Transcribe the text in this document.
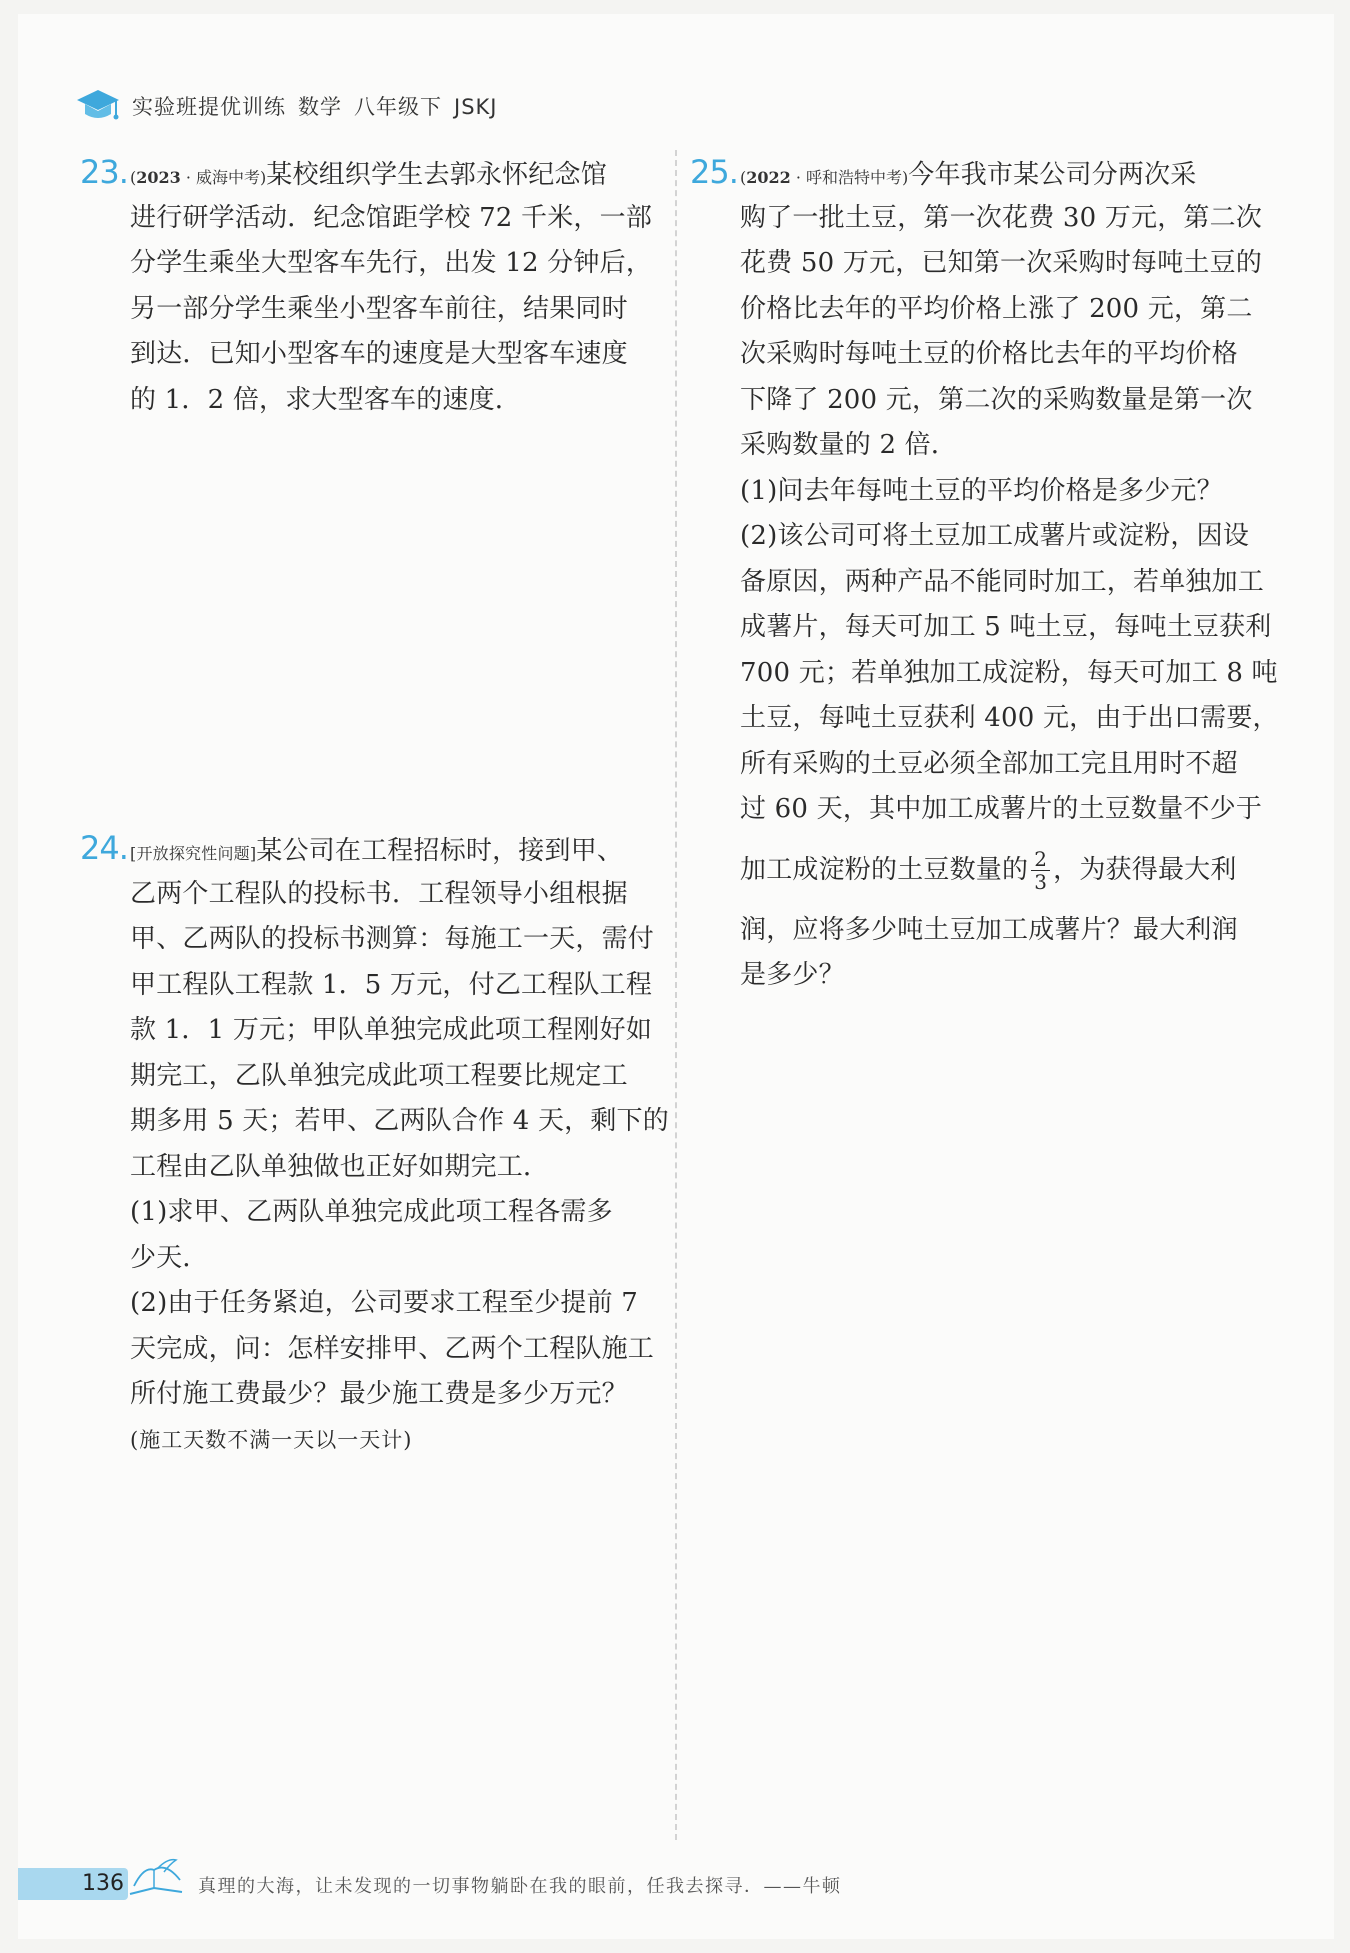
实验班提优训练 数学 八年级下 JSKJ
23. (2023 · 威海中考)某校组织学生去郭永怀纪念馆
进行研学活动．纪念馆距学校 72 千米，一部
分学生乘坐大型客车先行，出发 12 分钟后，
另一部分学生乘坐小型客车前往，结果同时
到达．已知小型客车的速度是大型客车速度
的 1．2 倍，求大型客车的速度．
24. [开放探究性问题]某公司在工程招标时，接到甲、
乙两个工程队的投标书．工程领导小组根据
甲、乙两队的投标书测算：每施工一天，需付
甲工程队工程款 1．5 万元，付乙工程队工程
款 1．1 万元；甲队单独完成此项工程刚好如
期完工，乙队单独完成此项工程要比规定工
期多用 5 天；若甲、乙两队合作 4 天，剩下的
工程由乙队单独做也正好如期完工．
(1)求甲、乙两队单独完成此项工程各需多
少天．
(2)由于任务紧迫，公司要求工程至少提前 7
天完成，问：怎样安排甲、乙两个工程队施工
所付施工费最少？最少施工费是多少万元？
(施工天数不满一天以一天计)
25. (2022 · 呼和浩特中考)今年我市某公司分两次采
购了一批土豆，第一次花费 30 万元，第二次
花费 50 万元，已知第一次采购时每吨土豆的
价格比去年的平均价格上涨了 200 元，第二
次采购时每吨土豆的价格比去年的平均价格
下降了 200 元，第二次的采购数量是第一次
采购数量的 2 倍．
(1)问去年每吨土豆的平均价格是多少元？
(2)该公司可将土豆加工成薯片或淀粉，因设
备原因，两种产品不能同时加工，若单独加工
成薯片，每天可加工 5 吨土豆，每吨土豆获利
700 元；若单独加工成淀粉，每天可加工 8 吨
土豆，每吨土豆获利 400 元，由于出口需要，
所有采购的土豆必须全部加工完且用时不超
过 60 天，其中加工成薯片的土豆数量不少于
加工成淀粉的土豆数量的 $\frac{2}{3}$ ，为获得最大利
润，应将多少吨土豆加工成薯片？最大利润
是多少？
136	真理的大海，让未发现的一切事物躺卧在我的眼前，任我去探寻．——牛顿
